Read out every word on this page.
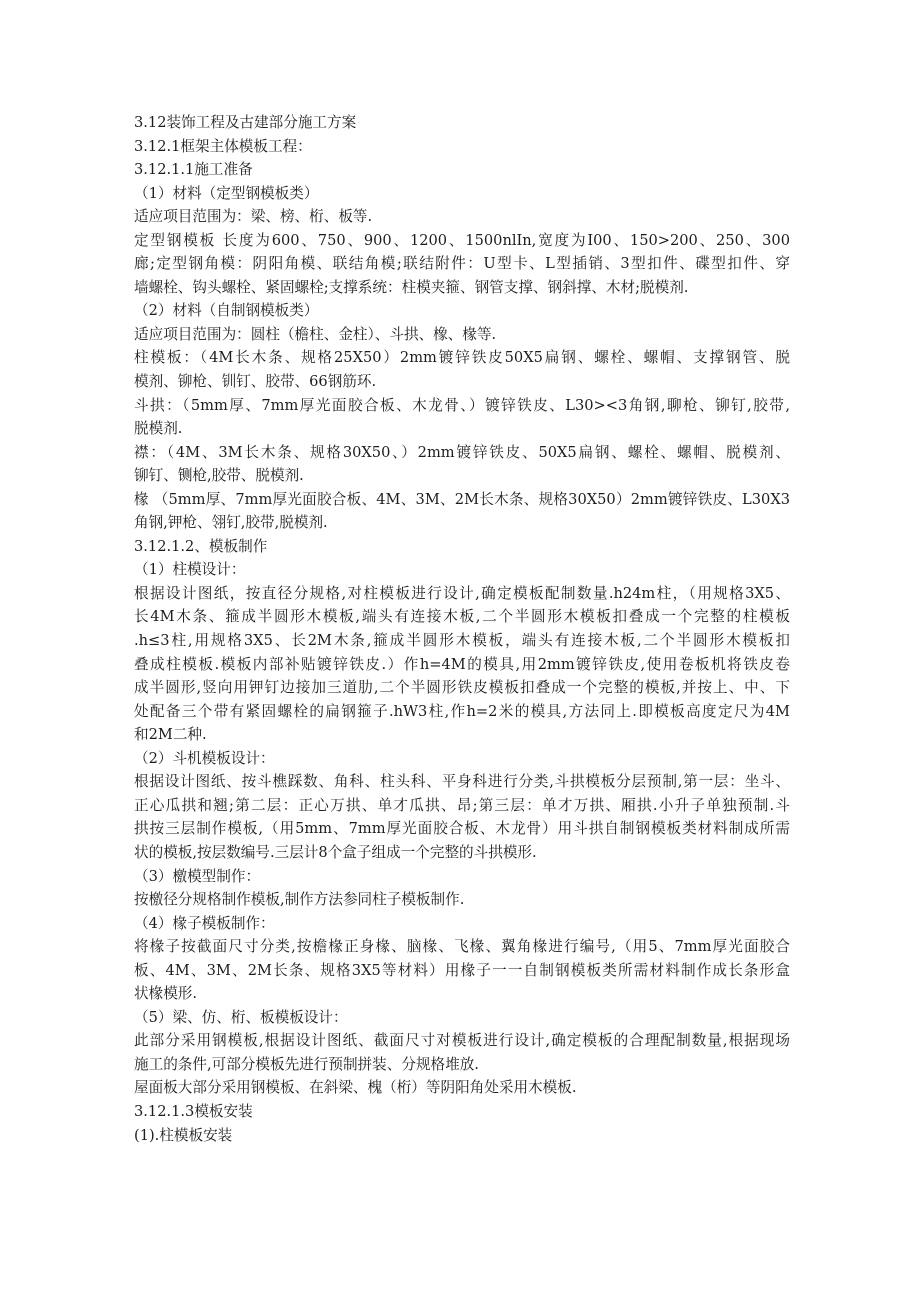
3.12装饰工程及古建部分施工方案
3.12.1框架主体模板工程：
3.12.1.1施工准备
（1）材料（定型钢模板类）
适应项目范围为：梁、榜、桁、板等.
定型钢模板 长度为600、750、900、1200、1500nlIn,宽度为I00、150>200、250、300
廊;定型钢角模：阴阳角模、联结角模;联结附件：U型卡、L型插销、3型扣件、碟型扣件、穿
墙螺栓、钩头螺栓、紧固螺栓;支撑系统：柱模夹箍、钢管支撑、钢斜撑、木材;脱模剂.
（2）材料（自制钢模板类）
适应项目范围为：圆柱（檐柱、金柱）、斗拱、橡、椽等.
柱模板：（4M长木条、规格25X50）2mm镀锌铁皮50X5扁钢、螺栓、螺帽、支撑钢管、脱
模剂、铆枪、钏钉、胶带、66钢筋环.
斗拱：（5mm厚、7mm厚光面胶合板、木龙骨、）镀锌铁皮、L30><3角钢,聊枪、铆钉,胶带,
脱模剂.
襟：（4M、3M长木条、规格30X50、）2mm镀锌铁皮、50X5扁钢、螺栓、螺帽、脱模剂、
铆钉、铡枪,胶带、脱模剂.
椽 （5mm厚、7mm厚光面胶合板、4M、3M、2M长木条、规格30X50）2mm镀锌铁皮、L30X3
角钢,钾枪、翎钉,胶带,脱模剂.
3.12.1.2、模板制作
（1）柱模设计：
根据设计图纸，按直径分规格,对柱模板进行设计,确定模板配制数量.h24m柱，（用规格3X5、
长4M木条、箍成半圆形木模板,端头有连接木板,二个半圆形木模板扣叠成一个完整的柱模板
.h≤3柱,用规格3X5、长2M木条,箍成半圆形木模板，端头有连接木板,二个半圆形木模板扣
叠成柱模板.模板内部补贴镀锌铁皮.）作h=4M的模具,用2mm镀锌铁皮,使用卷板机将铁皮卷
成半圆形,竖向用钾钉边接加三道肋,二个半圆形铁皮模板扣叠成一个完整的模板,并按上、中、下
处配备三个带有紧固螺栓的扁钢箍子.hW3柱,作h=2米的模具,方法同上.即模板高度定尺为4M
和2M二种.
（2）斗机模板设计：
根据设计图纸、按斗樵踩数、角科、柱头科、平身科进行分类,斗拱模板分层预制,第一层：坐斗、
正心瓜拱和翘;第二层：正心万拱、单才瓜拱、昂;第三层：单才万拱、厢拱.小升子单独预制.斗
拱按三层制作模板,（用5mm、7mm厚光面胶合板、木龙骨）用斗拱自制钢模板类材料制成所需
状的模板,按层数编号.三层计8个盒子组成一个完整的斗拱模形.
（3）檄模型制作：
按檄径分规格制作模板,制作方法参同柱子模板制作.
（4）椽子模板制作：
将椽子按截面尺寸分类,按檐椽正身椽、脑椽、飞椽、翼角椽进行编号,（用5、7mm厚光面胶合
板、4M、3M、2M长条、规格3X5等材料）用椽子一一自制钢模板类所需材料制作成长条形盒
状椽模形.
（5）梁、仿、桁、板模板设计：
此部分采用钢模板,根据设计图纸、截面尺寸对模板进行设计,确定模板的合理配制数量,根据现场
施工的条件,可部分模板先进行预制拼装、分规格堆放.
屋面板大部分采用钢模板、在斜梁、槐（桁）等阴阳角处采用木模板.
3.12.1.3模板安装
(1).柱模板安装
